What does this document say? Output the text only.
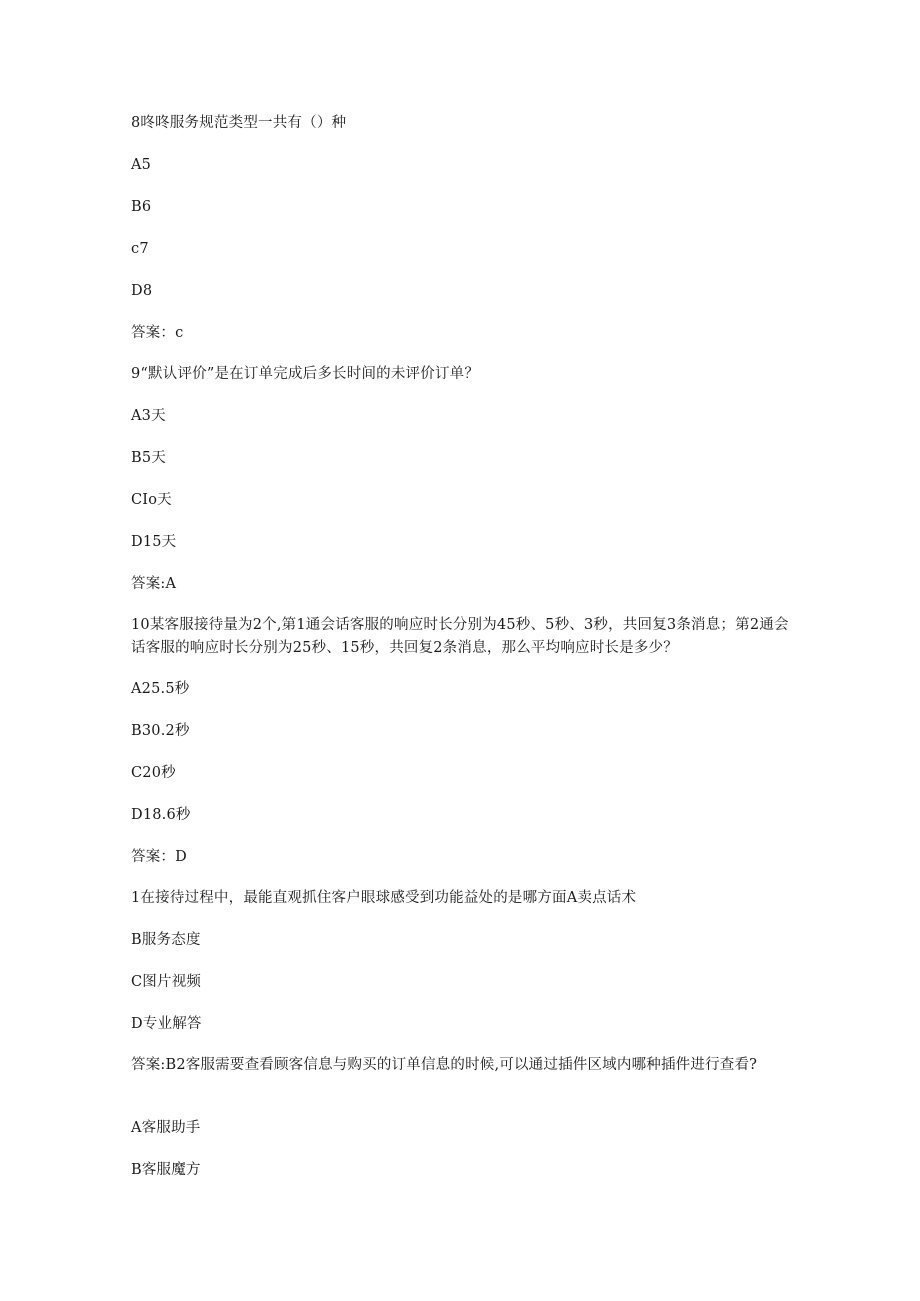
8咚咚服务规范类型一共有（）种
A5
B6
c7
D8
答案：c
9“默认评价”是在订单完成后多长时间的未评价订单？
A3天
B5天
CIo天
D15天
答案:A
10某客服接待量为2个,第1通会话客服的响应时长分别为45秒、5秒、3秒，共回复3条消息；第2通会话客服的响应时长分别为25秒、15秒，共回复2条消息，那么平均响应时长是多少？
A25.5秒
B30.2秒
C20秒
D18.6秒
答案：D
1在接待过程中，最能直观抓住客户眼球感受到功能益处的是哪方面A卖点话术
B服务态度
C图片视频
D专业解答
答案:B2客服需要查看顾客信息与购买的订单信息的时候,可以通过插件区域内哪种插件进行查看?
A客服助手
B客服魔方
